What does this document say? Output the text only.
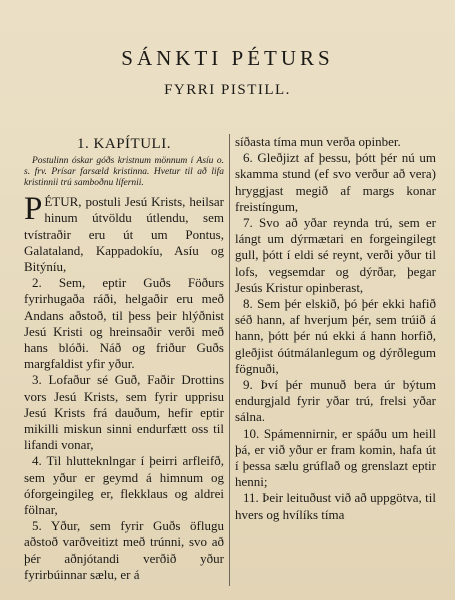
SÁNKTI PÉTURS
FYRRI PISTILL.
1. KAPÍTULI.

Postulinn óskar góðs kristnum mönnum í Asíu o. s. frv. Prísar farsæld kristinna. Hvetur til að lifa kristinnii trú samboðnu lífernii.

PÉTUR, postuli Jesú Krists, heilsar hinum útvöldu útlendu, sem tvístraðir eru út um Pontus, Galataland, Kappadokíu, Asíu og Bitýníu,

2. Sem, eptir Guðs Föðurs fyrirhugaða ráði, helgaðir eru með Andans aðstoð, til þess þeir hlýðnist Jesú Kristi og hreinsaðir verði með hans blóði. Náð og friður Guðs margfaldist yfir yður.

3. Lofaður sé Guð, Faðir Drottins vors Jesú Krists, sem fyrir upprisu Jesú Krists frá dauðum, hefir eptir mikilli miskun sinni endurfætt oss til lifandi vonar,

4. Til hlutteknlngar í þeirri arfleifð, sem yður er geymd á himnum og óforgeingileg er, flekklaus og aldrei fölnar,

5. Yður, sem fyrir Guðs öflugu aðstoð varðveitizt með trúnni, svo að þér aðnjótandi verðið yður fyrirbúinnar sælu, er á

síðasta tíma mun verða opinber.

6. Gleðjizt af þessu, þótt þér nú um skamma stund (ef svo verður að vera) hryggjast megið af margs konar freistíngum,

7. Svo að yðar reynda trú, sem er lángt um dýrmætari en forgeingilegt gull, þótt í eldi sé reynt, verði yður til lofs, vegsemdar og dýrðar, þegar Jesús Kristur opinberast,

8. Sem þér elskið, þó þér ekki hafið séð hann, af hverjum þér, sem trúið á hann, þótt þér nú ekki á hann horfið, gleðjist óútmálanlegum og dýrðlegum fögnuði,

9. Því þér munuð bera úr býtum endurgjald fyrir yðar trú, frelsi yðar sálna.

10. Spámennirnir, er spáðu um heill þá, er við yður er fram komin, hafa út í þessa sælu grúflað og grenslazt eptir henni;

11. Þeir leituðust við að uppgötva, til hvers og hvílíks tíma
